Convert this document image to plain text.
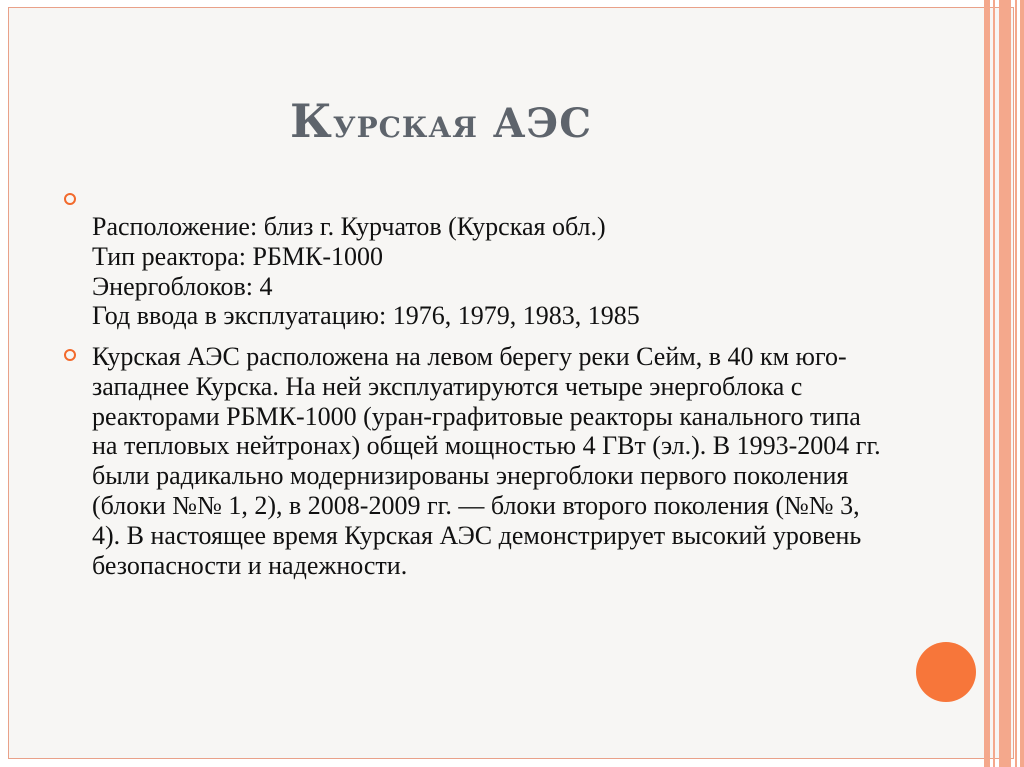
Курская АЭС
Расположение: близ г. Курчатов (Курская обл.)
Тип реактора: РБМК-1000
Энергоблоков: 4
Год ввода в эксплуатацию: 1976, 1979, 1983, 1985
Курская АЭС расположена на левом берегу реки Сейм, в 40 км юго-западнее Курска. На ней эксплуатируются четыре энергоблока с реакторами РБМК-1000 (уран-графитовые реакторы канального типа на тепловых нейтронах) общей мощностью 4 ГВт (эл.). В 1993-2004 гг. были радикально модернизированы энергоблоки первого поколения (блоки №№ 1, 2), в 2008-2009 гг. — блоки второго поколения (№№ 3, 4). В настоящее время Курская АЭС демонстрирует высокий уровень безопасности и надежности.
